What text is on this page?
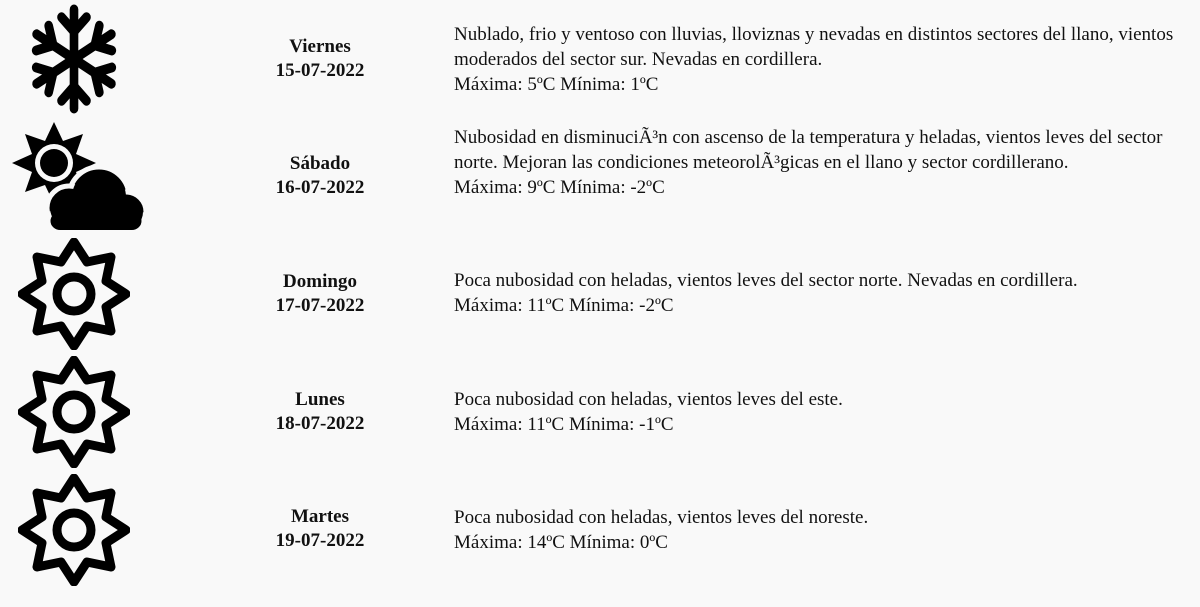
Viernes
15-07-2022

Nublado, frio y ventoso con lluvias, lloviznas y nevadas en distintos sectores del llano, vientos moderados del sector sur. Nevadas en cordillera.

Máxima: 5ºC Mínima: 1ºC

Sábado
16-07-2022

Nubosidad en disminuciÃ³n con ascenso de la temperatura y heladas, vientos leves del sector norte. Mejoran las condiciones meteorolÃ³gicas en el llano y sector cordillerano.

Máxima: 9ºC Mínima: -2ºC

Domingo
17-07-2022

Poca nubosidad con heladas, vientos leves del sector norte. Nevadas en cordillera.

Máxima: 11ºC Mínima: -2ºC

Lunes
18-07-2022

Poca nubosidad con heladas, vientos leves del este.

Máxima: 11ºC Mínima: -1ºC

Martes
19-07-2022

Poca nubosidad con heladas, vientos leves del noreste.

Máxima: 14ºC Mínima: 0ºC
